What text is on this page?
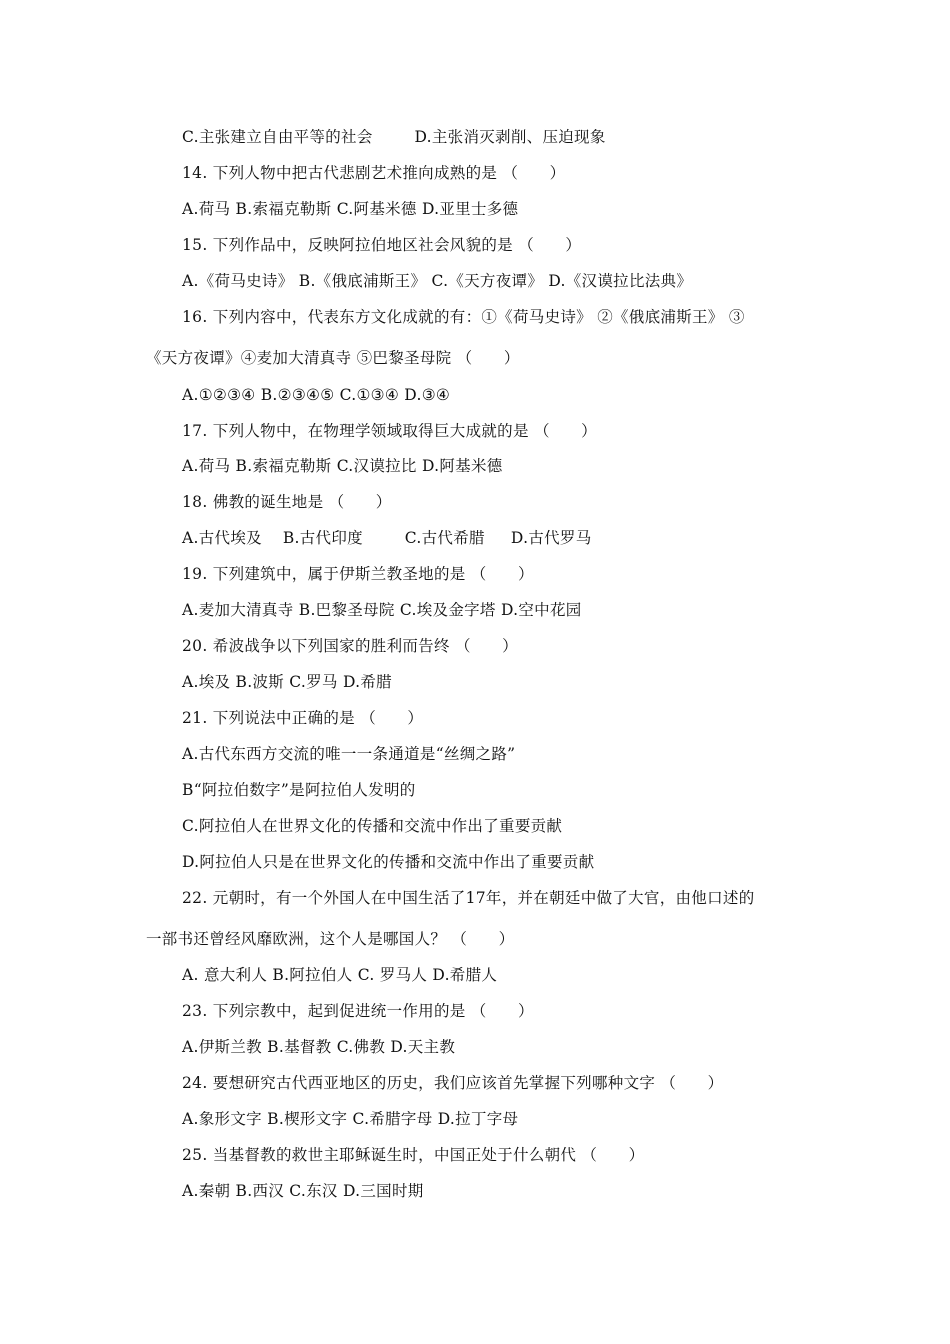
C.主张建立自由平等的社会        D.主张消灭剥削、压迫现象
14. 下列人物中把古代悲剧艺术推向成熟的是 （      ）
A.荷马 B.索福克勒斯 C.阿基米德 D.亚里士多德
15. 下列作品中，反映阿拉伯地区社会风貌的是 （      ）
A.《荷马史诗》 B.《俄底浦斯王》 C.《天方夜谭》 D.《汉谟拉比法典》
16. 下列内容中，代表东方文化成就的有：①《荷马史诗》 ②《俄底浦斯王》 ③
《天方夜谭》④麦加大清真寺 ⑤巴黎圣母院 （      ）
A.①②③④ B.②③④⑤ C.①③④ D.③④
17. 下列人物中，在物理学领域取得巨大成就的是 （      ）
A.荷马 B.索福克勒斯 C.汉谟拉比 D.阿基米德
18. 佛教的诞生地是 （      ）
A.古代埃及    B.古代印度        C.古代希腊     D.古代罗马
19. 下列建筑中，属于伊斯兰教圣地的是 （      ）
A.麦加大清真寺 B.巴黎圣母院 C.埃及金字塔 D.空中花园
20. 希波战争以下列国家的胜利而告终 （      ）
A.埃及 B.波斯 C.罗马 D.希腊
21. 下列说法中正确的是 （      ）
A.古代东西方交流的唯一一条通道是“丝绸之路”
B“阿拉伯数字”是阿拉伯人发明的
C.阿拉伯人在世界文化的传播和交流中作出了重要贡献
D.阿拉伯人只是在世界文化的传播和交流中作出了重要贡献
22. 元朝时，有一个外国人在中国生活了17年，并在朝廷中做了大官，由他口述的
一部书还曾经风靡欧洲，这个人是哪国人？ （      ）
A. 意大利人 B.阿拉伯人 C. 罗马人 D.希腊人
23. 下列宗教中，起到促进统一作用的是 （      ）
A.伊斯兰教 B.基督教 C.佛教 D.天主教
24. 要想研究古代西亚地区的历史，我们应该首先掌握下列哪种文字 （      ）
A.象形文字 B.楔形文字 C.希腊字母 D.拉丁字母
25. 当基督教的救世主耶稣诞生时，中国正处于什么朝代 （      ）
A.秦朝 B.西汉 C.东汉 D.三国时期
